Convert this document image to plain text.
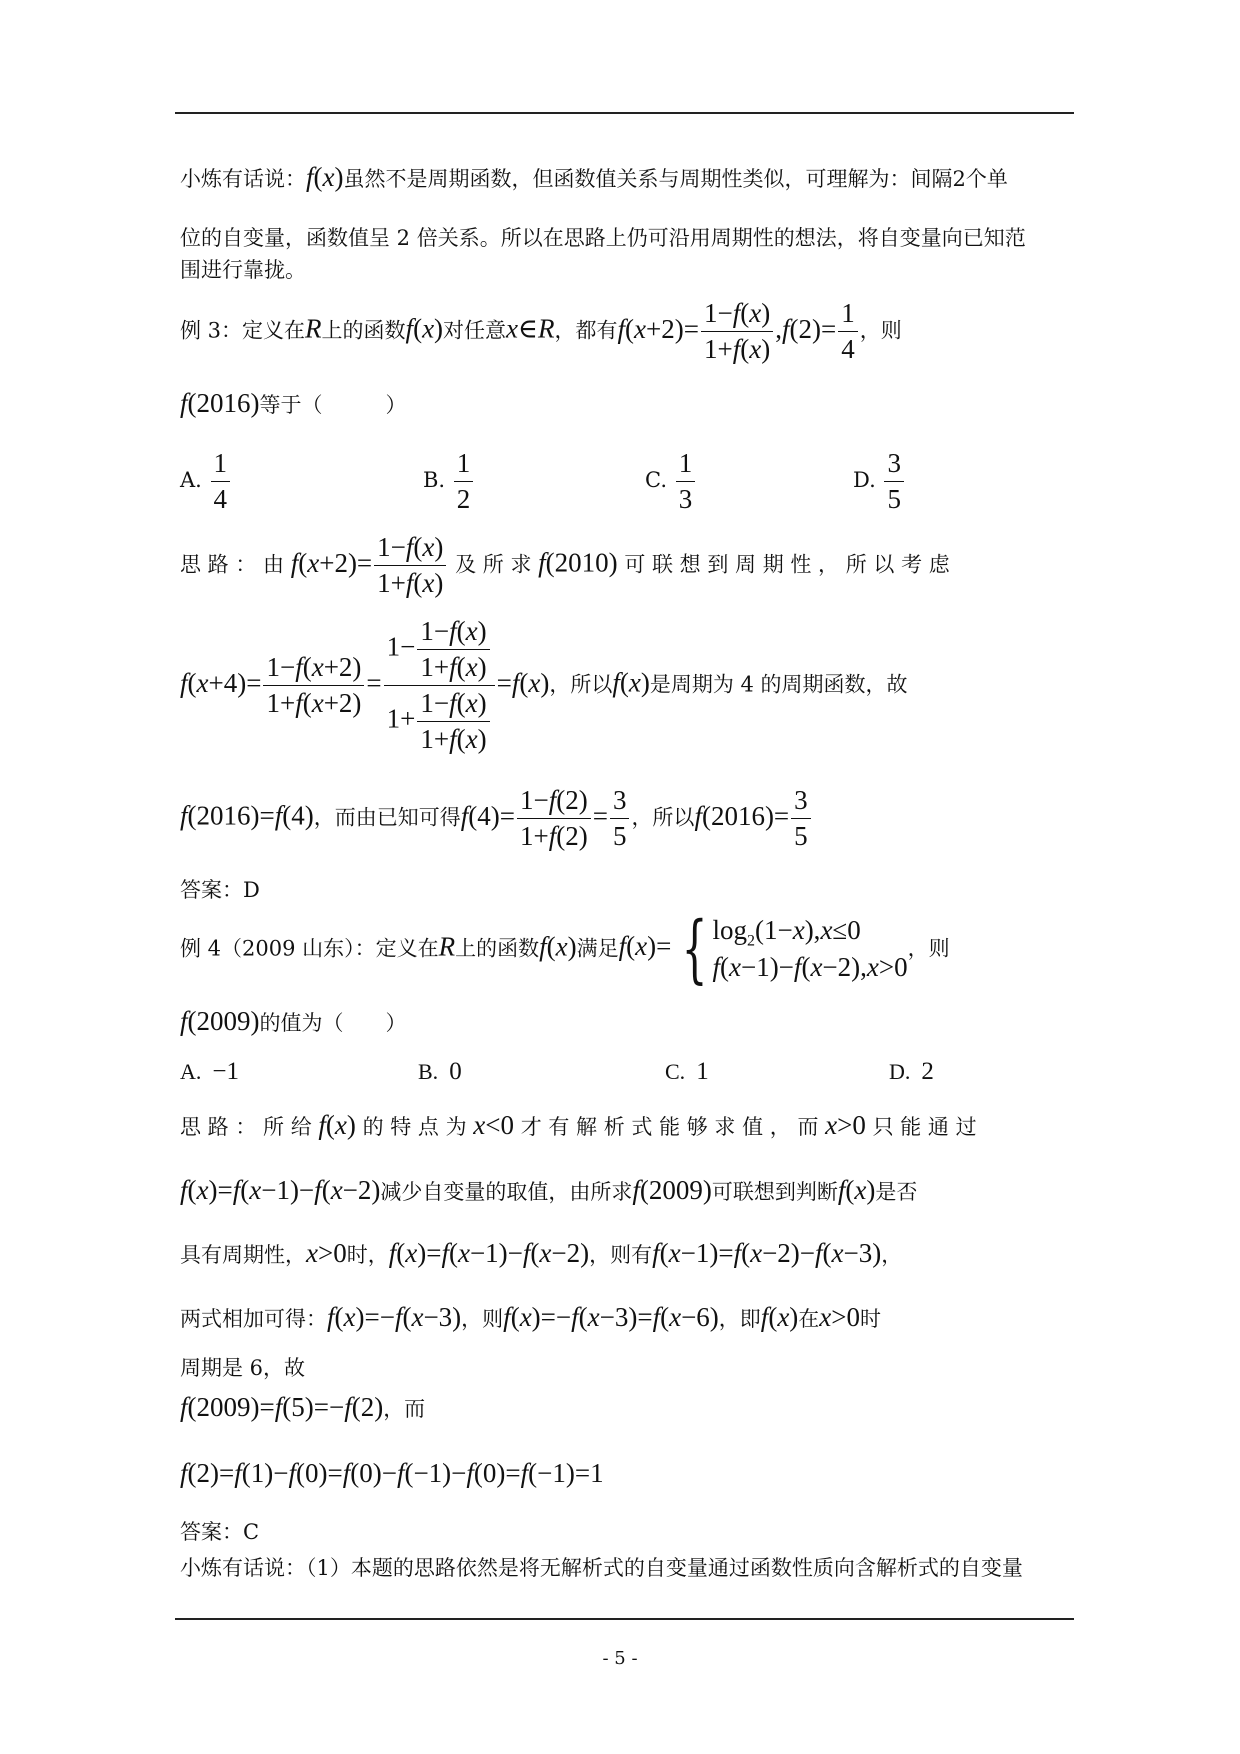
小炼有话说：f(x)虽然不是周期函数，但函数值关系与周期性类似，可理解为：间隔2个单
位的自变量，函数值呈 2 倍关系。所以在思路上仍可沿用周期性的想法，将自变量向已知范
围进行靠拢。
例 3：定义在R上的函数f(x)对任意x∈R，都有$f(x+2)= \frac{1-f(x)}{1+f(x)} ,f(2)= \frac{1}{4}$ ，则
f(2016)等于（　　　）
A. $\frac{1}{4}$	B. $\frac{1}{2}$	C. $\frac{1}{3}$	D. $\frac{3}{5}$
思 路 ： 由 $f(x+2)= \frac{1-f(x)}{1+f(x)}$ 及 所 求 f(2010) 可 联 想 到 周 期 性 ， 所 以 考 虑
$f(x+4)= \frac{1-f(x+2)}{1+f(x+2)} = \frac{1- \frac{1-f(x)}{1+f(x)}}{1+ \frac{1-f(x)}{1+f(x)}} =f(x)$，所以f(x)是周期为 4 的周期函数，故
f(2016)=f(4)，而由已知可得$f(4)= \frac{1-f(2)}{1+f(2)} = \frac{3}{5}$ ，所以$f(2016)= \frac{3}{5}$
答案：D
例 4（2009 山东）：定义在R上的函数f(x)满足f(x)= { $\log_2(1-x),x\le 0$
f(x−1)−f(x−2),x>0
，则
f(2009)的值为（　　）
A. −1	B. 0	C. 1	D. 2
思 路 ： 所 给 f(x) 的 特 点 为 x<0 才 有 解 析 式 能 够 求 值 ， 而 x>0 只 能 通 过
f(x)=f(x−1)−f(x−2)减少自变量的取值，由所求f(2009)可联想到判断f(x)是否
具有周期性，x>0时，f(x)=f(x−1)−f(x−2)，则有f(x−1)=f(x−2)−f(x−3)，
两式相加可得：f(x)=−f(x−3)，则f(x)=−f(x−3)=f(x−6)，即f(x)在x>0时
周期是 6，故
f(2009)=f(5)=−f(2)，而
f(2)=f(1)−f(0)=f(0)−f(−1)−f(0)=f(−1)=1
答案：C
小炼有话说：（1）本题的思路依然是将无解析式的自变量通过函数性质向含解析式的自变量
- 5 -
